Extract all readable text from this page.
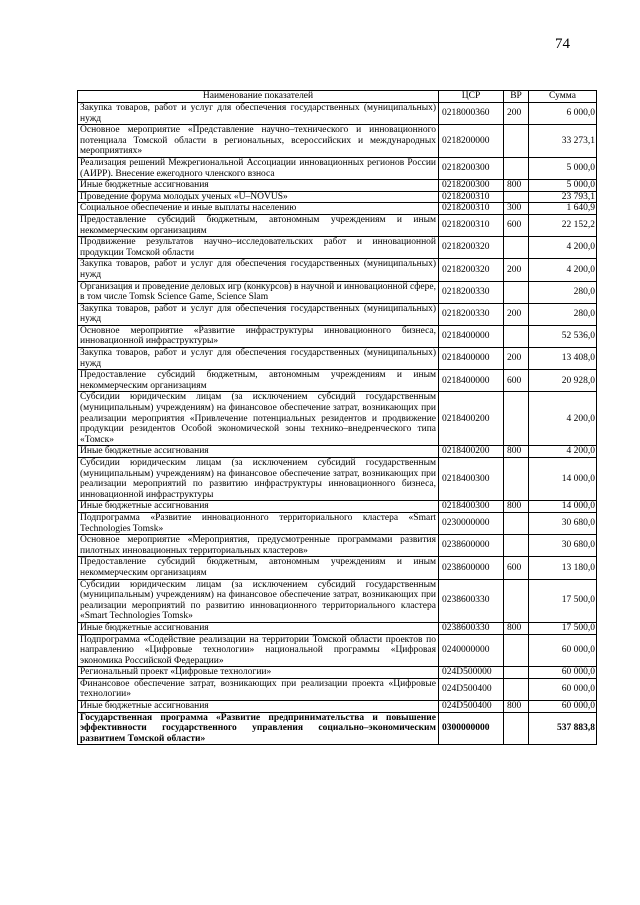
74
Наименование показателей	ЦСР	ВР	Сумма
Закупка товаров, работ и услуг для обеспечения государственных (муниципальных) нужд	0218000360	200	6 000,0
Основное мероприятие «Представление научно–технического и инновационного потенциала Томской области в региональных, всероссийских и международных мероприятиях»	0218200000		33 273,1
Реализация решений Межрегиональной Ассоциации инновационных регионов России (АИРР). Внесение ежегодного членского взноса	0218200300		5 000,0
Иные бюджетные ассигнования	0218200300	800	5 000,0
Проведение форума молодых ученых «U–NOVUS»	0218200310		23 793,1
Социальное обеспечение и иные выплаты населению	0218200310	300	1 640,9
Предоставление субсидий бюджетным, автономным учреждениям и иным некоммерческим организациям	0218200310	600	22 152,2
Продвижение результатов научно–исследовательских работ и инновационной продукции Томской области	0218200320		4 200,0
Закупка товаров, работ и услуг для обеспечения государственных (муниципальных) нужд	0218200320	200	4 200,0
Организация и проведение деловых игр (конкурсов) в научной и инновационной сфере, в том числе Tomsk Science Game, Science Slam	0218200330		280,0
Закупка товаров, работ и услуг для обеспечения государственных (муниципальных) нужд	0218200330	200	280,0
Основное мероприятие «Развитие инфраструктуры инновационного бизнеса, инновационной инфраструктуры»	0218400000		52 536,0
Закупка товаров, работ и услуг для обеспечения государственных (муниципальных) нужд	0218400000	200	13 408,0
Предоставление субсидий бюджетным, автономным учреждениям и иным некоммерческим организациям	0218400000	600	20 928,0
Субсидии юридическим лицам (за исключением субсидий государственным (муниципальным) учреждениям) на финансовое обеспечение затрат, возникающих при реализации мероприятия «Привлечение потенциальных резидентов и продвижение продукции резидентов Особой экономической зоны технико–внедренческого типа «Томск»	0218400200		4 200,0
Иные бюджетные ассигнования	0218400200	800	4 200,0
Субсидии юридическим лицам (за исключением субсидий государственным (муниципальным) учреждениям) на финансовое обеспечение затрат, возникающих при реализации мероприятий по развитию инфраструктуры инновационного бизнеса, инновационной инфраструктуры	0218400300		14 000,0
Иные бюджетные ассигнования	0218400300	800	14 000,0
Подпрограмма «Развитие инновационного территориального кластера «Smart Technologies Tomsk»	0230000000		30 680,0
Основное мероприятие «Мероприятия, предусмотренные программами развития пилотных инновационных территориальных кластеров»	0238600000		30 680,0
Предоставление субсидий бюджетным, автономным учреждениям и иным некоммерческим организациям	0238600000	600	13 180,0
Субсидии юридическим лицам (за исключением субсидий государственным (муниципальным) учреждениям) на финансовое обеспечение затрат, возникающих при реализации мероприятий по развитию инновационного территориального кластера «Smart Technologies Tomsk»	0238600330		17 500,0
Иные бюджетные ассигнования	0238600330	800	17 500,0
Подпрограмма «Содействие реализации на территории Томской области проектов по направлению «Цифровые технологии» национальной программы «Цифровая экономика Российской Федерации»	0240000000		60 000,0
Региональный проект «Цифровые технологии»	024D500000		60 000,0
Финансовое обеспечение затрат, возникающих при реализации проекта «Цифровые технологии»	024D500400		60 000,0
Иные бюджетные ассигнования	024D500400	800	60 000,0
Государственная программа «Развитие предпринимательства и повышение эффективности государственного управления социально–экономическим развитием Томской области»	0300000000		537 883,8
